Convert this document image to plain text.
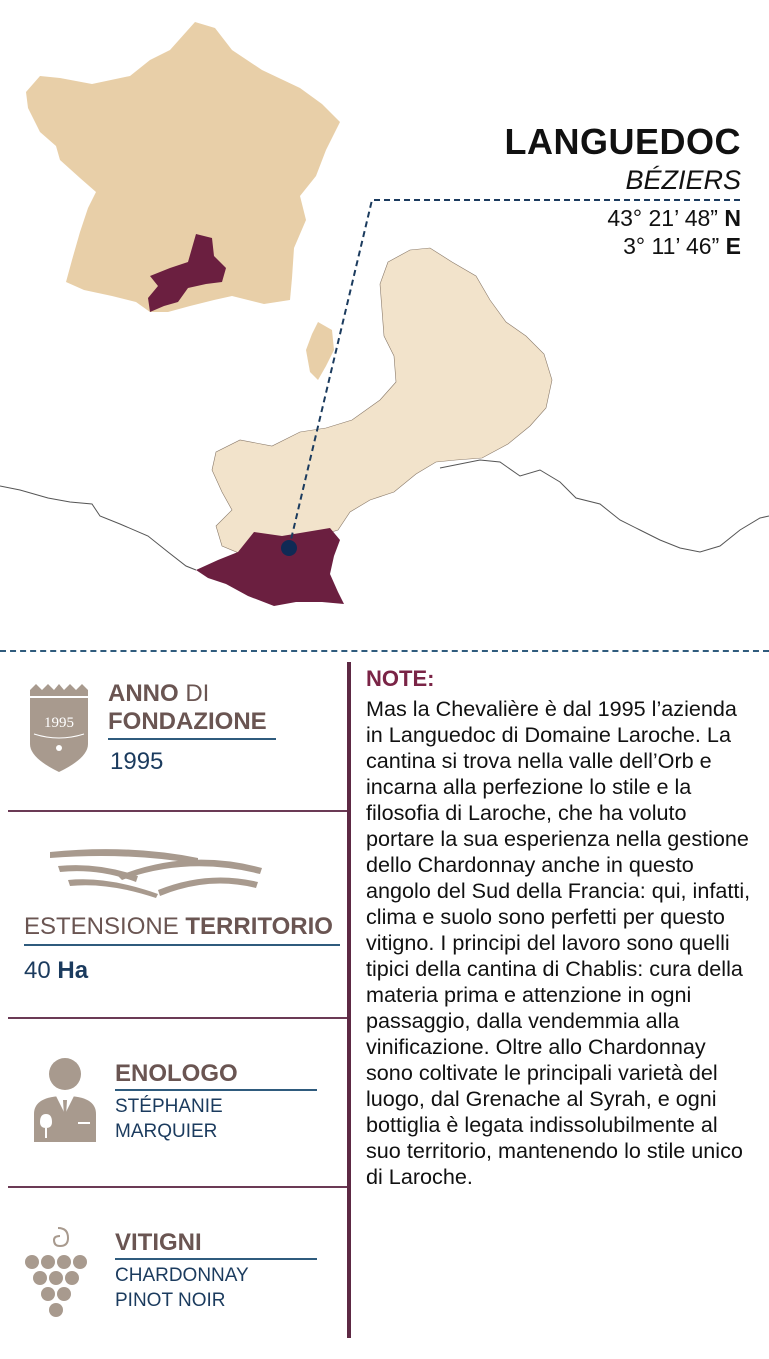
LANGUEDOC
BÉZIERS
43° 21’ 48” N
3° 11’ 46” E
1995
ANNO DI
FONDAZIONE
1995
ESTENSIONE TERRITORIO
40 Ha
ENOLOGO
STÉPHANIE
MARQUIER
VITIGNI
CHARDONNAY
PINOT NOIR
NOTE:

Mas la Chevalière è dal 1995 l’azienda in Languedoc di Domaine Laroche. La cantina si trova nella valle dell’Orb e incarna alla perfezione lo stile e la filosofia di Laroche, che ha voluto portare la sua esperienza nella gestione dello Chardonnay anche in questo angolo del Sud della Francia: qui, infatti, clima e suolo sono perfetti per questo vitigno. I principi del lavoro sono quelli tipici della cantina di Chablis: cura della materia prima e attenzione in ogni passaggio, dalla vendemmia alla vinificazione. Oltre allo Chardonnay sono coltivate le principali varietà del luogo, dal Grenache al Syrah, e ogni bottiglia è legata indissolubilmente al suo territorio, mantenendo lo stile unico di Laroche.
